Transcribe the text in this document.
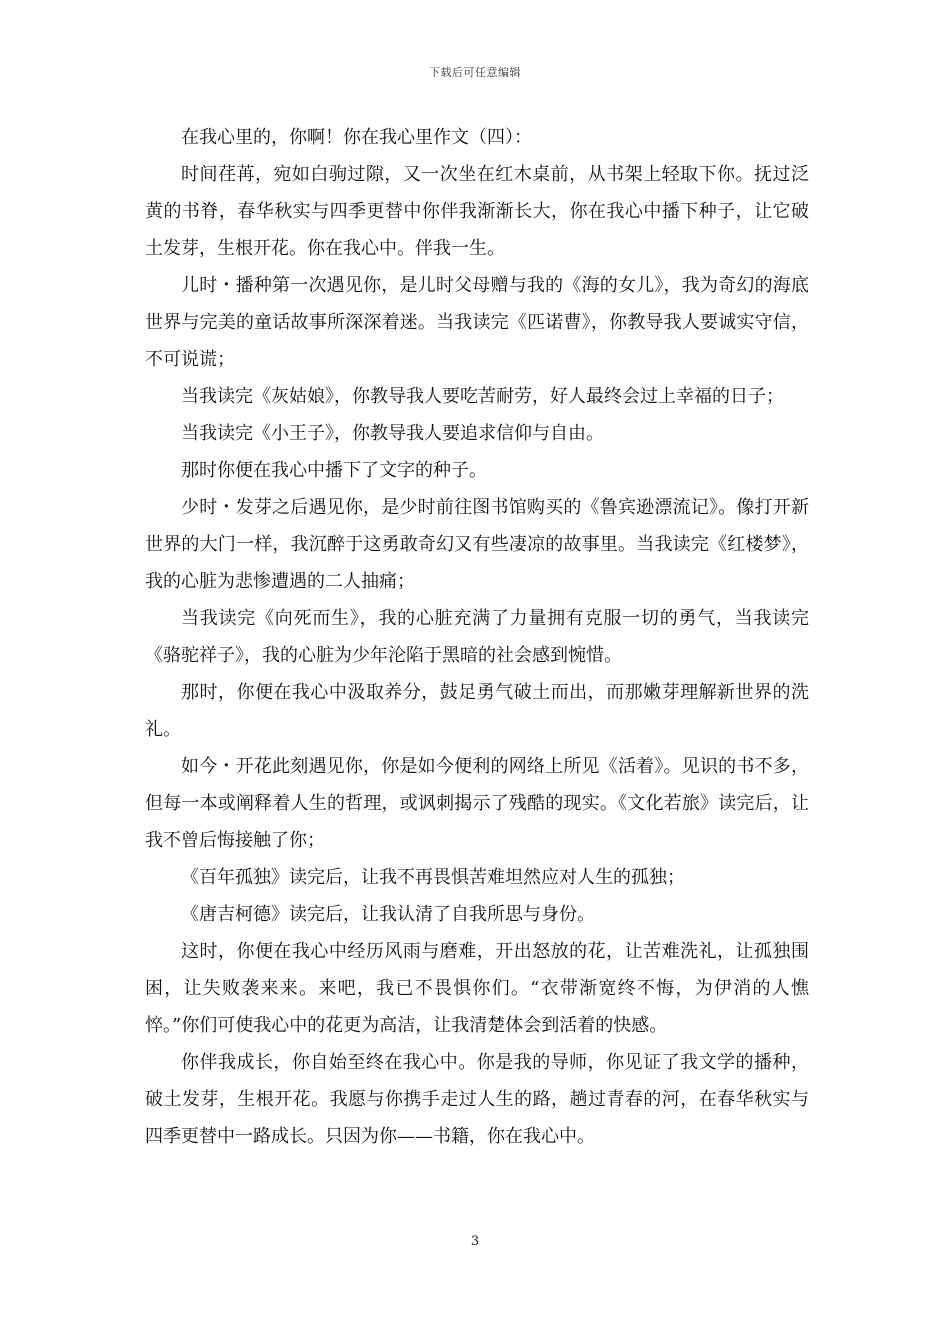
下载后可任意编辑

在我心里的，你啊！你在我心里作文（四）：

时间荏苒，宛如白驹过隙，又一次坐在红木桌前，从书架上轻取下你。抚过泛黄的书脊，春华秋实与四季更替中你伴我渐渐长大，你在我心中播下种子，让它破土发芽，生根开花。你在我心中。伴我一生。

儿时・播种第一次遇见你，是儿时父母赠与我的《海的女儿》，我为奇幻的海底世界与完美的童话故事所深深着迷。当我读完《匹诺曹》，你教导我人要诚实守信，不可说谎；

当我读完《灰姑娘》，你教导我人要吃苦耐劳，好人最终会过上幸福的日子；

当我读完《小王子》，你教导我人要追求信仰与自由。

那时你便在我心中播下了文字的种子。

少时・发芽之后遇见你，是少时前往图书馆购买的《鲁宾逊漂流记》。像打开新世界的大门一样，我沉醉于这勇敢奇幻又有些凄凉的故事里。当我读完《红楼梦》，我的心脏为悲惨遭遇的二人抽痛；

当我读完《向死而生》，我的心脏充满了力量拥有克服一切的勇气，当我读完《骆驼祥子》，我的心脏为少年沦陷于黑暗的社会感到惋惜。

那时，你便在我心中汲取养分，鼓足勇气破土而出，而那嫩芽理解新世界的洗礼。

如今・开花此刻遇见你，你是如今便利的网络上所见《活着》。见识的书不多，但每一本或阐释着人生的哲理，或讽刺揭示了残酷的现实。《文化若旅》读完后，让我不曾后悔接触了你；

《百年孤独》读完后，让我不再畏惧苦难坦然应对人生的孤独；

《唐吉柯德》读完后，让我认清了自我所思与身份。

这时，你便在我心中经历风雨与磨难，开出怒放的花，让苦难洗礼，让孤独围困，让失败袭来来。来吧，我已不畏惧你们。“衣带渐宽终不悔，为伊消的人憔悴。”你们可使我心中的花更为高洁，让我清楚体会到活着的快感。

你伴我成长，你自始至终在我心中。你是我的导师，你见证了我文学的播种，破土发芽，生根开花。我愿与你携手走过人生的路，趟过青春的河，在春华秋实与四季更替中一路成长。只因为你——书籍，你在我心中。

3
